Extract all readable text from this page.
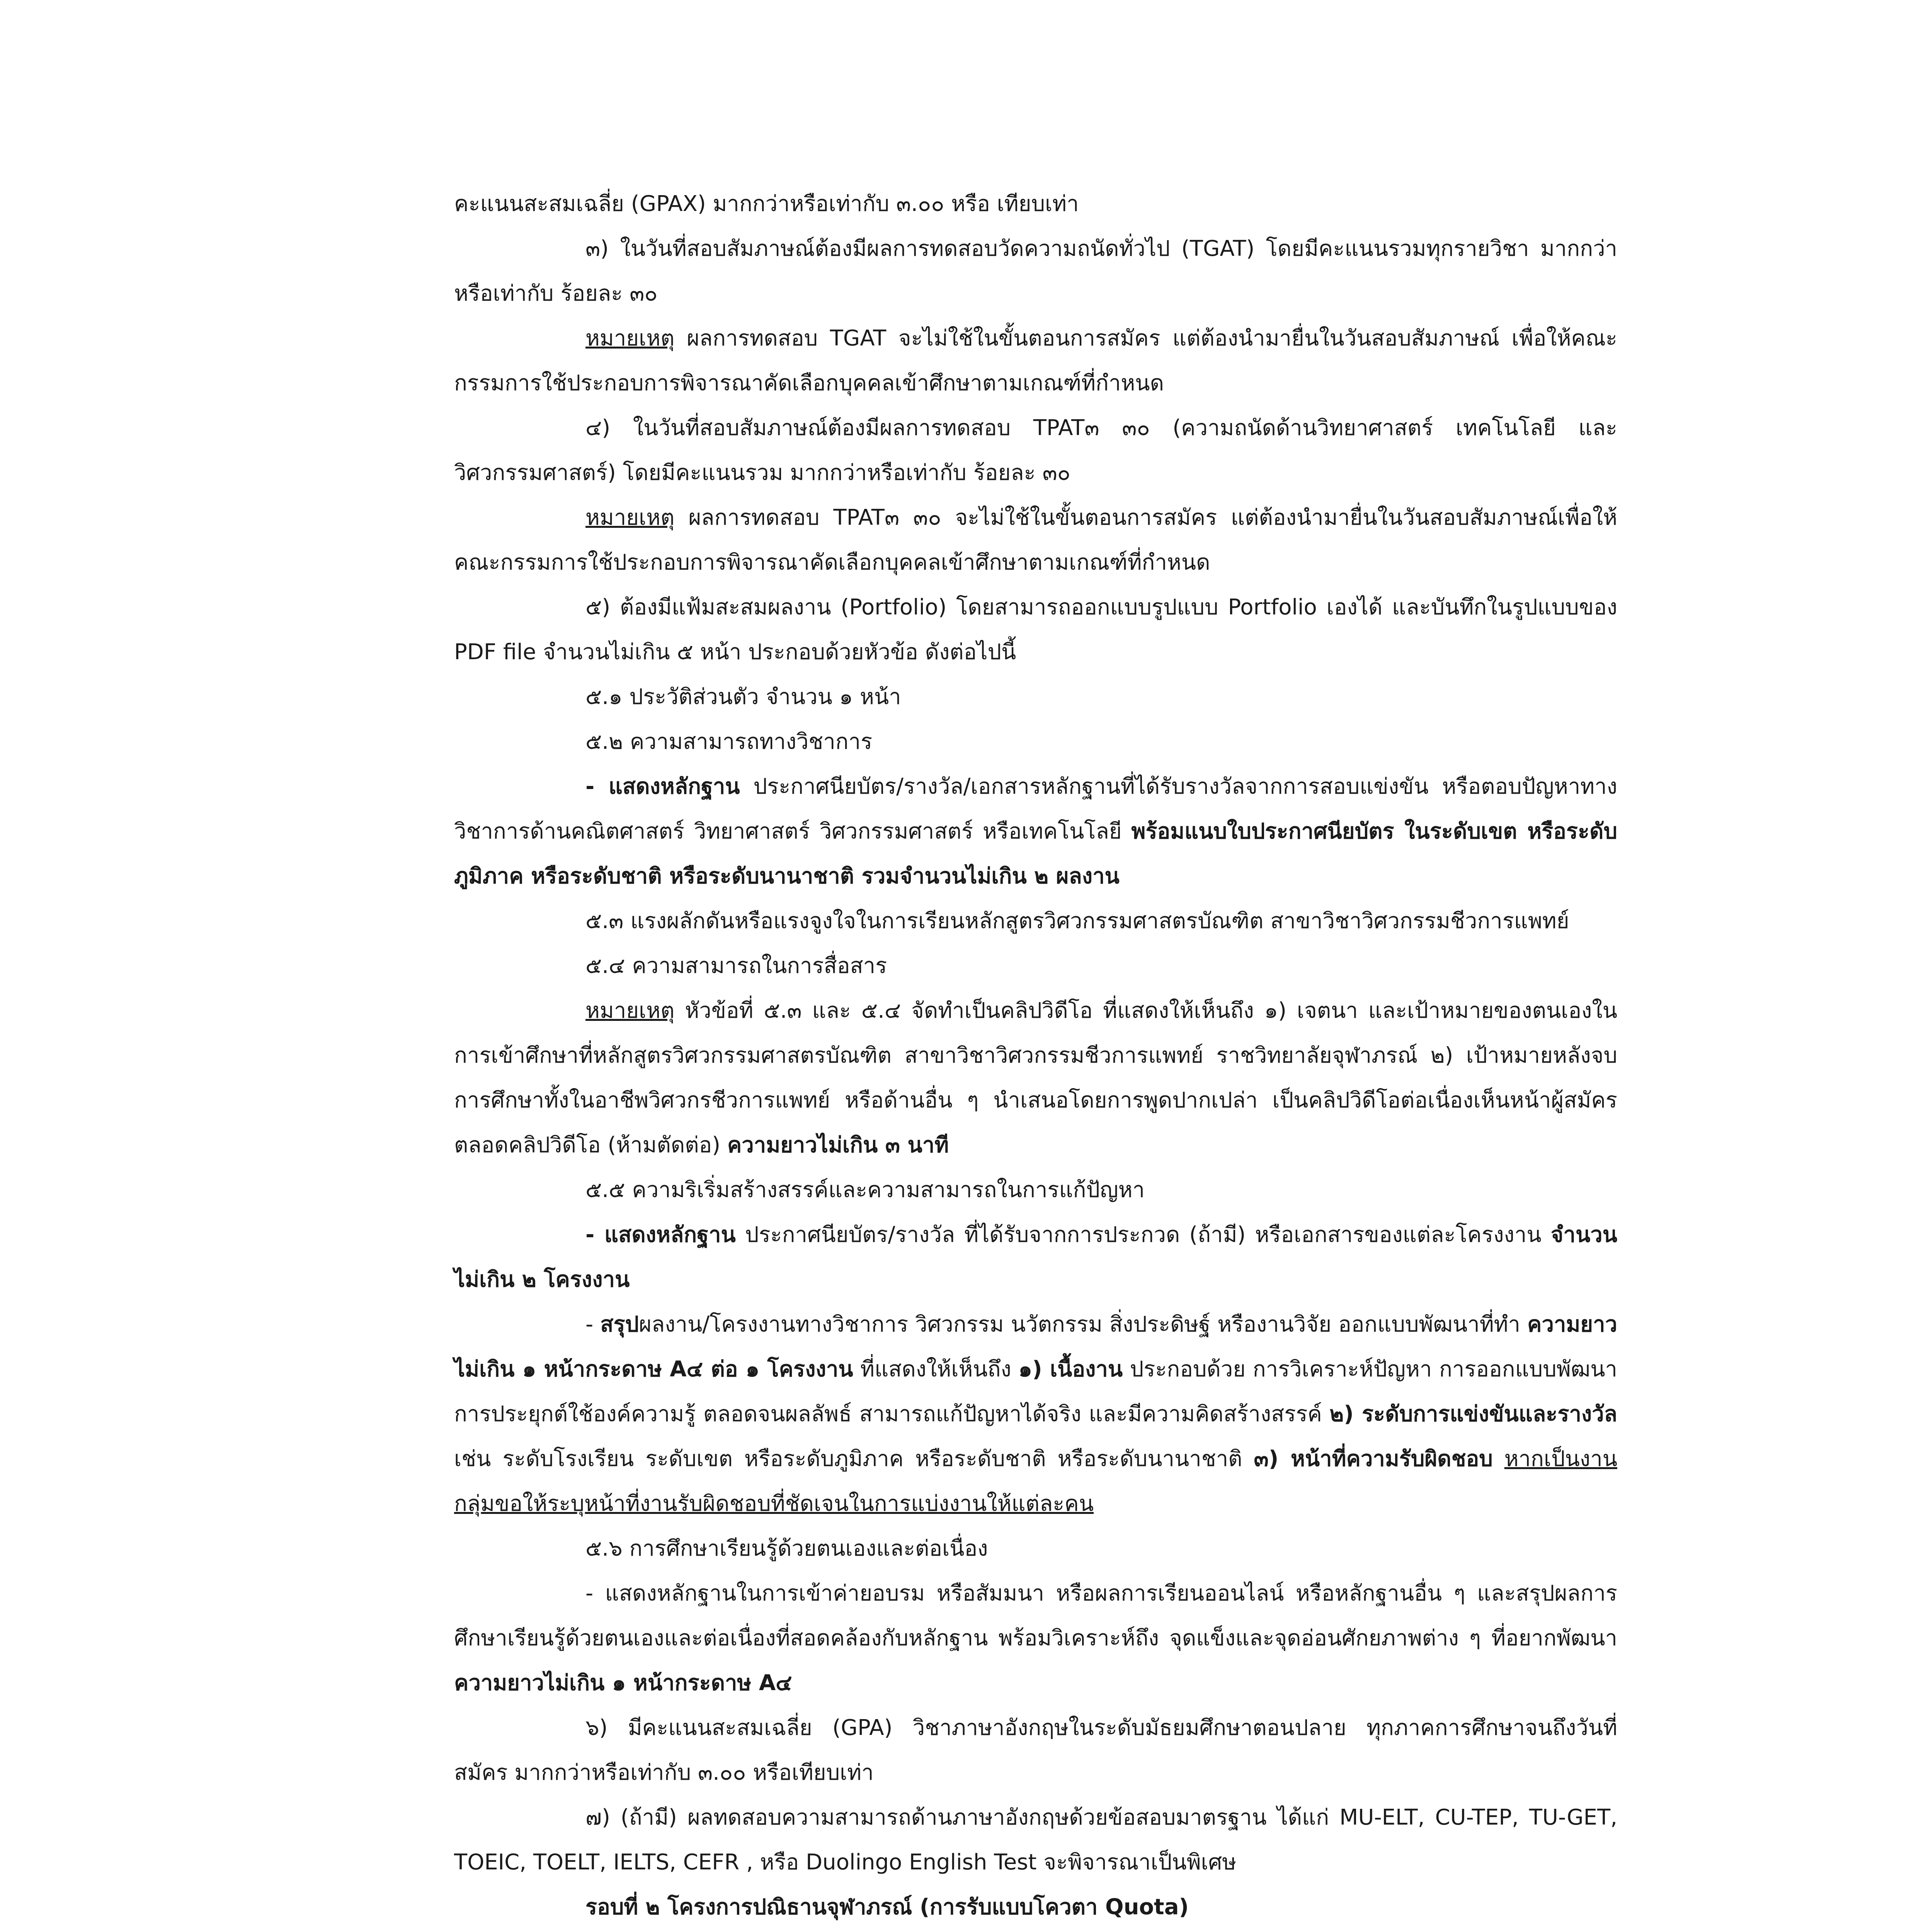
คะแนนสะสมเฉลี่ย (GPAX) มากกว่าหรือเท่ากับ ๓.๐๐ หรือ เทียบเท่า

๓) ในวันที่สอบสัมภาษณ์ต้องมีผลการทดสอบวัดความถนัดทั่วไป (TGAT) โดยมีคะแนนรวมทุกรายวิชา มากกว่าหรือเท่ากับ ร้อยละ ๓๐

หมายเหตุ ผลการทดสอบ TGAT จะไม่ใช้ในขั้นตอนการสมัคร แต่ต้องนำมายื่นในวันสอบสัมภาษณ์ เพื่อให้คณะกรรมการใช้ประกอบการพิจารณาคัดเลือกบุคคลเข้าศึกษาตามเกณฑ์ที่กำหนด

๔) ในวันที่สอบสัมภาษณ์ต้องมีผลการทดสอบ TPAT๓ ๓๐ (ความถนัดด้านวิทยาศาสตร์ เทคโนโลยี และวิศวกรรมศาสตร์) โดยมีคะแนนรวม มากกว่าหรือเท่ากับ ร้อยละ ๓๐

หมายเหตุ ผลการทดสอบ TPAT๓ ๓๐ จะไม่ใช้ในขั้นตอนการสมัคร แต่ต้องนำมายื่นในวันสอบสัมภาษณ์เพื่อให้คณะกรรมการใช้ประกอบการพิจารณาคัดเลือกบุคคลเข้าศึกษาตามเกณฑ์ที่กำหนด

๕) ต้องมีแฟ้มสะสมผลงาน (Portfolio) โดยสามารถออกแบบรูปแบบ Portfolio เองได้ และบันทึกในรูปแบบของ PDF file จำนวนไม่เกิน ๕ หน้า ประกอบด้วยหัวข้อ ดังต่อไปนี้

๕.๑ ประวัติส่วนตัว จำนวน ๑ หน้า

๕.๒ ความสามารถทางวิชาการ

- แสดงหลักฐาน ประกาศนียบัตร/รางวัล/เอกสารหลักฐานที่ได้รับรางวัลจากการสอบแข่งขัน หรือตอบปัญหาทางวิชาการด้านคณิตศาสตร์ วิทยาศาสตร์ วิศวกรรมศาสตร์ หรือเทคโนโลยี พร้อมแนบใบประกาศนียบัตร ในระดับเขต หรือระดับภูมิภาค หรือระดับชาติ หรือระดับนานาชาติ รวมจำนวนไม่เกิน ๒ ผลงาน

๕.๓ แรงผลักดันหรือแรงจูงใจในการเรียนหลักสูตรวิศวกรรมศาสตรบัณฑิต สาขาวิชาวิศวกรรมชีวการแพทย์

๕.๔ ความสามารถในการสื่อสาร

หมายเหตุ หัวข้อที่ ๕.๓ และ ๕.๔ จัดทำเป็นคลิปวิดีโอ ที่แสดงให้เห็นถึง ๑) เจตนา และเป้าหมายของตนเองในการเข้าศึกษาที่หลักสูตรวิศวกรรมศาสตรบัณฑิต สาขาวิชาวิศวกรรมชีวการแพทย์ ราชวิทยาลัยจุฬาภรณ์ ๒) เป้าหมายหลังจบการศึกษาทั้งในอาชีพวิศวกรชีวการแพทย์ หรือด้านอื่น ๆ นำเสนอโดยการพูดปากเปล่า เป็นคลิปวิดีโอต่อเนื่องเห็นหน้าผู้สมัครตลอดคลิปวิดีโอ (ห้ามตัดต่อ) ความยาวไม่เกิน ๓ นาที

๕.๕ ความริเริ่มสร้างสรรค์และความสามารถในการแก้ปัญหา

- แสดงหลักฐาน ประกาศนียบัตร/รางวัล ที่ได้รับจากการประกวด (ถ้ามี) หรือเอกสารของแต่ละโครงงาน จำนวนไม่เกิน ๒ โครงงาน

- สรุปผลงาน/โครงงานทางวิชาการ วิศวกรรม นวัตกรรม สิ่งประดิษฐ์ หรืองานวิจัย ออกแบบพัฒนาที่ทำ ความยาวไม่เกิน ๑ หน้ากระดาษ A๔ ต่อ ๑ โครงงาน ที่แสดงให้เห็นถึง ๑) เนื้องาน ประกอบด้วย การวิเคราะห์ปัญหา การออกแบบพัฒนา การประยุกต์ใช้องค์ความรู้ ตลอดจนผลลัพธ์ สามารถแก้ปัญหาได้จริง และมีความคิดสร้างสรรค์ ๒) ระดับการแข่งขันและรางวัล เช่น ระดับโรงเรียน ระดับเขต หรือระดับภูมิภาค หรือระดับชาติ หรือระดับนานาชาติ ๓) หน้าที่ความรับผิดชอบ หากเป็นงานกลุ่มขอให้ระบุหน้าที่งานรับผิดชอบที่ชัดเจนในการแบ่งงานให้แต่ละคน

๕.๖ การศึกษาเรียนรู้ด้วยตนเองและต่อเนื่อง

- แสดงหลักฐานในการเข้าค่ายอบรม หรือสัมมนา หรือผลการเรียนออนไลน์ หรือหลักฐานอื่น ๆ และสรุปผลการศึกษาเรียนรู้ด้วยตนเองและต่อเนื่องที่สอดคล้องกับหลักฐาน พร้อมวิเคราะห์ถึง จุดแข็งและจุดอ่อนศักยภาพต่าง ๆ ที่อยากพัฒนา ความยาวไม่เกิน ๑ หน้ากระดาษ A๔

๖) มีคะแนนสะสมเฉลี่ย (GPA) วิชาภาษาอังกฤษในระดับมัธยมศึกษาตอนปลาย ทุกภาคการศึกษาจนถึงวันที่สมัคร มากกว่าหรือเท่ากับ ๓.๐๐ หรือเทียบเท่า

๗) (ถ้ามี) ผลทดสอบความสามารถด้านภาษาอังกฤษด้วยข้อสอบมาตรฐาน ได้แก่ MU-ELT, CU-TEP, TU-GET, TOEIC, TOELT, IELTS, CEFR , หรือ Duolingo English Test จะพิจารณาเป็นพิเศษ

รอบที่ ๒ โครงการปณิธานจุฬาภรณ์ (การรับแบบโควตา Quota)
